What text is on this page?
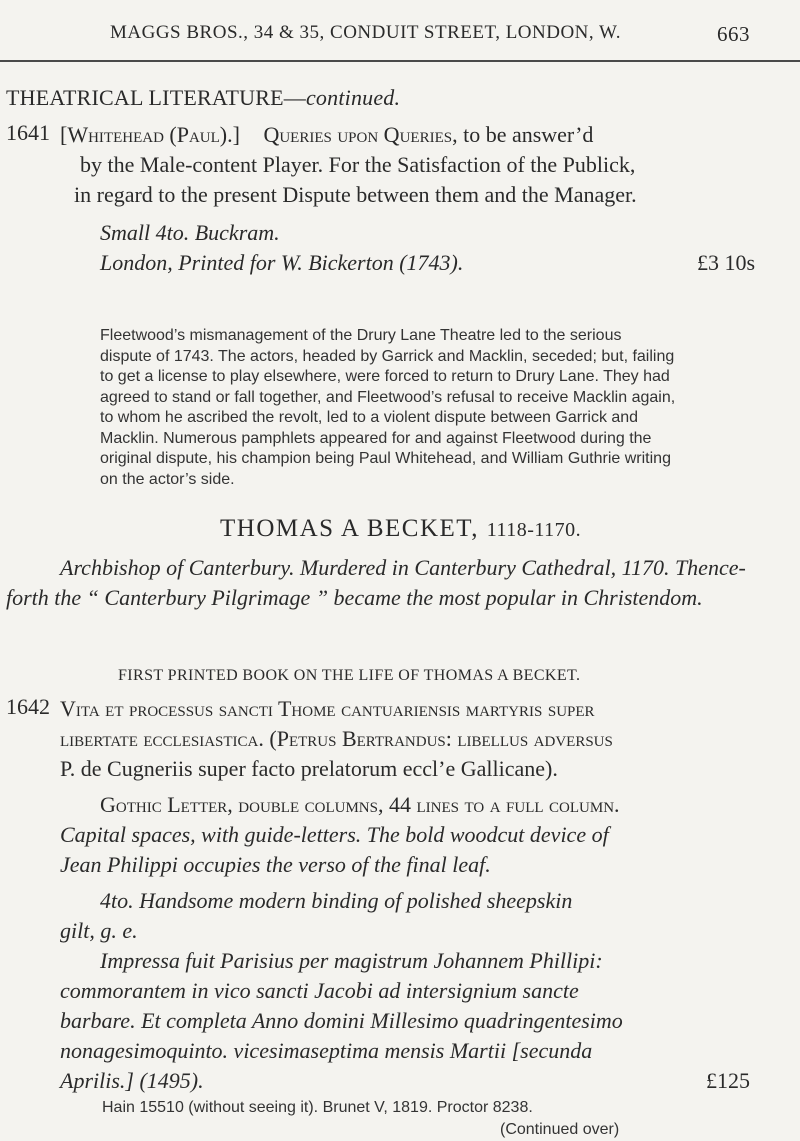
MAGGS BROS., 34 & 35, CONDUIT STREET, LONDON, W.	663
THEATRICAL LITERATURE—continued.
1641 [Whitehead (Paul).] Queries upon Queries, to be answer’d
by the Male-content Player. For the Satisfaction of the Publick,
in regard to the present Dispute between them and the Manager.
Small 4to. Buckram.
London, Printed for W. Bickerton (1743).	£3 10s
Fleetwood’s mismanagement of the Drury Lane Theatre led to the serious
dispute of 1743. The actors, headed by Garrick and Macklin, seceded; but, failing
to get a license to play elsewhere, were forced to return to Drury Lane. They had
agreed to stand or fall together, and Fleetwood’s refusal to receive Macklin again,
to whom he ascribed the revolt, led to a violent dispute between Garrick and
Macklin. Numerous pamphlets appeared for and against Fleetwood during the
original dispute, his champion being Paul Whitehead, and William Guthrie writing
on the actor’s side.
THOMAS A BECKET, 1118-1170.
Archbishop of Canterbury. Murdered in Canterbury Cathedral, 1170. Thence-
forth the “ Canterbury Pilgrimage ” became the most popular in Christendom.
FIRST PRINTED BOOK ON THE LIFE OF THOMAS A BECKET.
1642 Vita et processus sancti Thome cantuariensis martyris super
libertate ecclesiastica. (Petrus Bertrandus: libellus adversus
P. de Cugneriis super facto prelatorum eccl’e Gallicane).
Gothic Letter, double columns, 44 lines to a full column.
Capital spaces, with guide-letters. The bold woodcut device of
Jean Philippi occupies the verso of the final leaf.
4to. Handsome modern binding of polished sheepskin
gilt, g. e.
Impressa fuit Parisius per magistrum Johannem Phillipi:
commorantem in vico sancti Jacobi ad intersignium sancte
barbare. Et completa Anno domini Millesimo quadringentesimo
nonagesimoquinto. vicesimaseptima mensis Martii [secunda
Aprilis.] (1495).	£125
Hain 15510 (without seeing it). Brunet V, 1819. Proctor 8238.
(Continued over)
